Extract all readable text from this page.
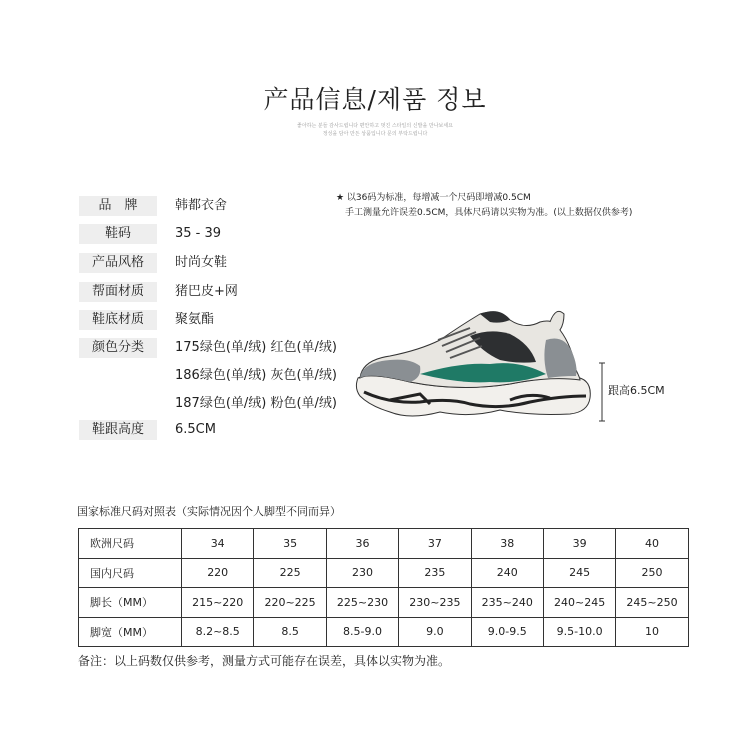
产品信息/제품 정보
좋아하는 분들 감사드립니다 편안하고 멋진 스타일의 신발을 만나보세요
정성을 담아 만든 상품입니다 문의 부탁드립니다
品　牌	韩都衣舍
鞋码	35 - 39
产品风格	时尚女鞋
帮面材质	猪巴皮+网
鞋底材质	聚氨酯
颜色分类	175绿色(单/绒) 红色(单/绒)
186绿色(单/绒) 灰色(单/绒)
187绿色(单/绒) 粉色(单/绒)
鞋跟高度	6.5CM
★ 以36码为标准，每增减一个尺码即增减0.5CM
手工测量允许误差0.5CM，具体尺码请以实物为准。(以上数据仅供参考)
跟高6.5CM
国家标准尺码对照表（实际情况因个人脚型不同而异）
欧洲尺码	34	35	36	37	38	39	40
国内尺码	220	225	230	235	240	245	250
脚长（MM）	215~220	220~225	225~230	230~235	235~240	240~245	245~250
脚宽（MM）	8.2~8.5	8.5	8.5-9.0	9.0	9.0-9.5	9.5-10.0	10
备注：以上码数仅供参考，测量方式可能存在误差，具体以实物为准。
